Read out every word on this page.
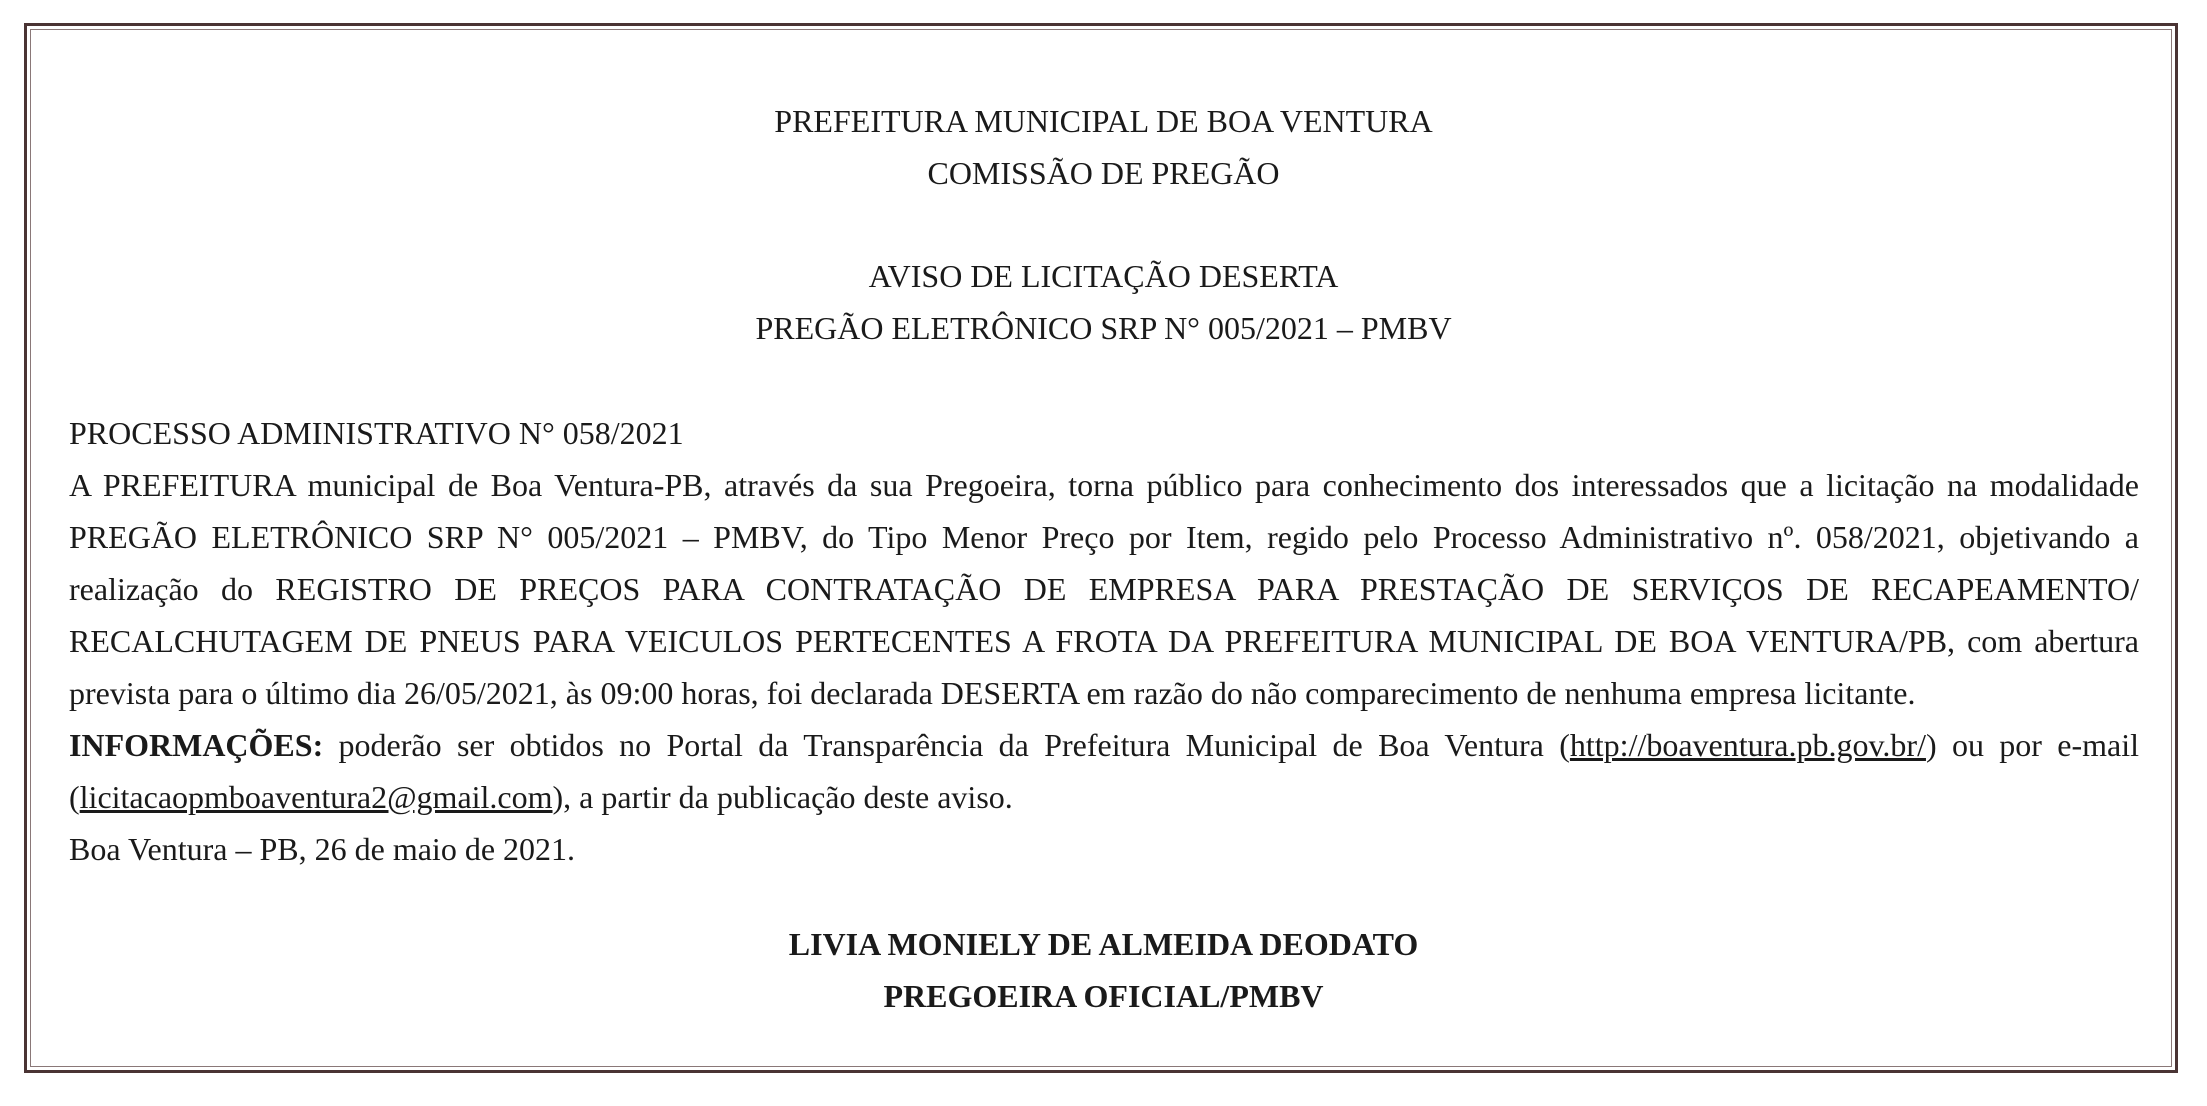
PREFEITURA MUNICIPAL DE BOA VENTURA
COMISSÃO DE PREGÃO
AVISO DE LICITAÇÃO DESERTA
PREGÃO ELETRÔNICO SRP N° 005/2021 – PMBV

PROCESSO ADMINISTRATIVO N° 058/2021

A PREFEITURA municipal de Boa Ventura-PB, através da sua Pregoeira, torna público para conhecimento dos interessados que a licitação na modalidade PREGÃO ELETRÔNICO SRP N° 005/2021 – PMBV, do Tipo Menor Preço por Item, regido pelo Processo Administrativo nº. 058/2021, objetivando a realização do REGISTRO DE PREÇOS PARA CONTRATAÇÃO DE EMPRESA PARA PRESTAÇÃO DE SERVIÇOS DE RECAPEAMENTO/ RECALCHUTAGEM DE PNEUS PARA VEICULOS PERTECENTES A FROTA DA PREFEITURA MUNICIPAL DE BOA VENTURA/PB, com abertura prevista para o último dia 26/05/2021, às 09:00 horas, foi declarada DESERTA em razão do não comparecimento de nenhuma empresa licitante.

INFORMAÇÕES: poderão ser obtidos no Portal da Transparência da Prefeitura Municipal de Boa Ventura (http://boaventura.pb.gov.br/) ou por e-mail (licitacaopmboaventura2@gmail.com), a partir da publicação deste aviso.

Boa Ventura – PB, 26 de maio de 2021.

LIVIA MONIELY DE ALMEIDA DEODATO
PREGOEIRA OFICIAL/PMBV
